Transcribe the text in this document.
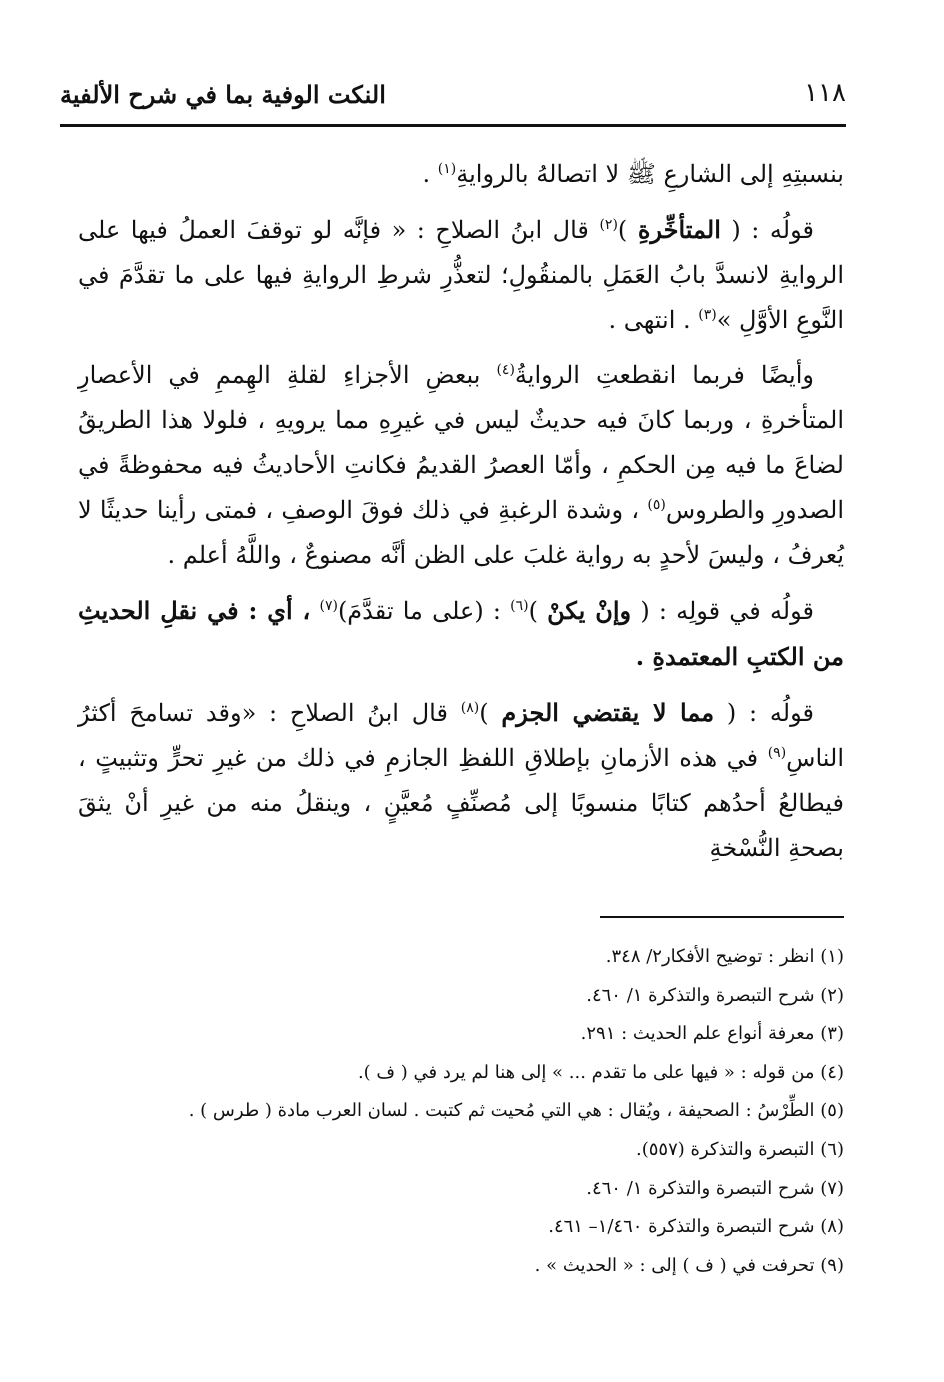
١١٨
النكت الوفية بما في شرح الألفية

بنسبتِهِ إلى الشارعِ ﷺ لا اتصالهُ بالروايةِ$^{(١)}$ .

قولُه : ( المتأخِّرةِ )$^{(٢)}$ قال ابنُ الصلاحِ : « فإنَّه لو توقفَ العملُ فيها على الروايةِ لانسدَّ بابُ العَمَلِ بالمنقُولِ؛ لتعذُّرِ شرطِ الروايةِ فيها على ما تقدَّمَ في النَّوعِ الأوَّلِ »$^{(٣)}$ . انتهى .

وأيضًا فربما انقطعتِ الروايةُ$^{(٤)}$ ببعضِ الأجزاءِ لقلةِ الهِممِ في الأعصارِ المتأخرةِ ، وربما كانَ فيه حديثٌ ليس في غيرِهِ مما يرويهِ ، فلولا هذا الطريقُ لضاعَ ما فيه مِن الحكمِ ، وأمّا العصرُ القديمُ فكانتِ الأحاديثُ فيه محفوظةً في الصدورِ والطروس$^{(٥)}$ ، وشدة الرغبةِ في ذلك فوقَ الوصفِ ، فمتى رأينا حديثًا لا يُعرفُ ، وليسَ لأحدٍ به رواية غلبَ على الظن أنَّه مصنوعٌ ، واللَّهُ أعلم .

قولُه في قولِه : ( وإنْ يكنْ )$^{(٦)}$ : (على ما تقدَّمَ)$^{(٧)}$ ، أي : في نقلِ الحديثِ من الكتبِ المعتمدةِ .

قولُه : ( مما لا يقتضي الجزم )$^{(٨)}$ قال ابنُ الصلاحِ : «وقد تسامحَ أكثرُ الناسِ$^{(٩)}$ في هذه الأزمانِ بإطلاقِ اللفظِ الجازمِ في ذلك من غيرِ تحرٍّ وتثبيتٍ ، فيطالعُ أحدُهم كتابًا منسوبًا إلى مُصنِّفٍ مُعيَّنٍ ، وينقلُ منه من غيرِ أنْ يثقَ بصحةِ النُّسْخةِ

(١) انظر : توضيح الأفكار٢/ ٣٤٨.
(٢) شرح التبصرة والتذكرة ١/ ٤٦٠.
(٣) معرفة أنواع علم الحديث : ٢٩١.
(٤) من قوله : « فيها على ما تقدم ... » إلى هنا لم يرد في ( ف ).
(٥) الطِّرْسُ : الصحيفة ، ويُقال : هي التي مُحيت ثم كتبت . لسان العرب مادة ( طرس ) .
(٦) التبصرة والتذكرة (٥٥٧).
(٧) شرح التبصرة والتذكرة ١/ ٤٦٠.
(٨) شرح التبصرة والتذكرة ١/٤٦٠– ٤٦١.
(٩) تحرفت في ( ف ) إلى : « الحديث » .
